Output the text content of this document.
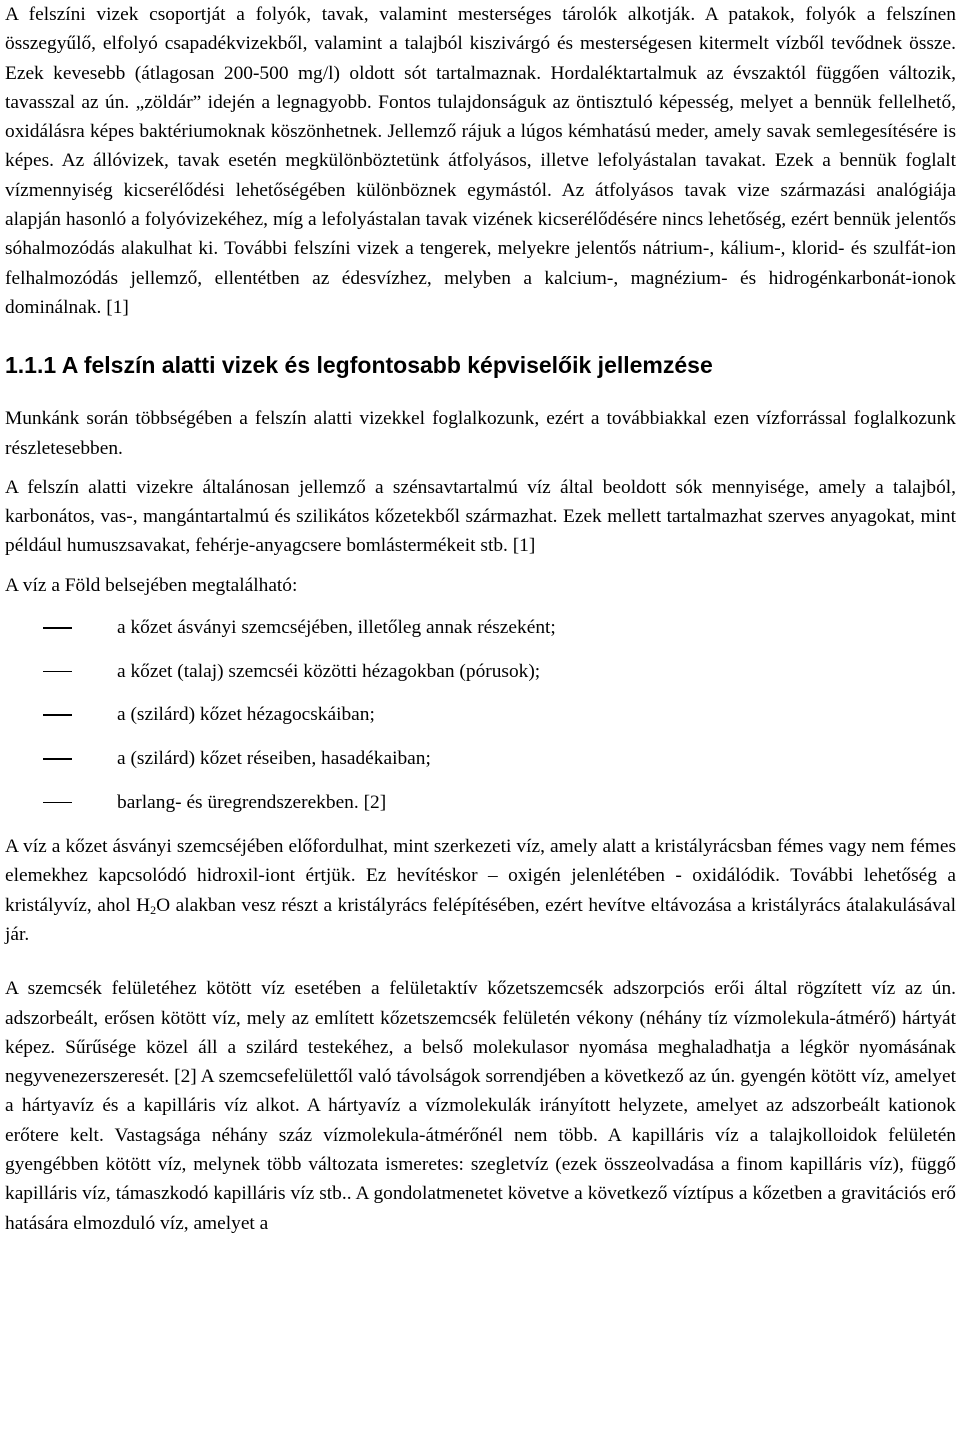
A felszíni vizek csoportját a folyók, tavak, valamint mesterséges tárolók alkotják. A patakok, folyók a felszínen összegyűlő, elfolyó csapadékvizekből, valamint a talajból kiszivárgó és mesterségesen kitermelt vízből tevődnek össze. Ezek kevesebb (átlagosan 200-500 mg/l) oldott sót tartalmaznak. Hordaléktartalmuk az évszaktól függően változik, tavasszal az ún. „zöldár” idején a legnagyobb. Fontos tulajdonságuk az öntisztuló képesség, melyet a bennük fellelhető, oxidálásra képes baktériumoknak köszönhetnek. Jellemző rájuk a lúgos kémhatású meder, amely savak semlegesítésére is képes. Az állóvizek, tavak esetén megkülönböztetünk átfolyásos, illetve lefolyástalan tavakat. Ezek a bennük foglalt vízmennyiség kicserélődési lehetőségében különböznek egymástól. Az átfolyásos tavak vize származási analógiája alapján hasonló a folyóvizekéhez, míg a lefolyástalan tavak vizének kicserélődésére nincs lehetőség, ezért bennük jelentős sóhalmozódás alakulhat ki. További felszíni vizek a tengerek, melyekre jelentős nátrium-, kálium-, klorid- és szulfát-ion felhalmozódás jellemző, ellentétben az édesvízhez, melyben a kalcium-, magnézium- és hidrogénkarbonát-ionok dominálnak. [1]

1.1.1 A felszín alatti vizek és legfontosabb képviselőik jellemzése

Munkánk során többségében a felszín alatti vizekkel foglalkozunk, ezért a továbbiakkal ezen vízforrással foglalkozunk részletesebben.

A felszín alatti vizekre általánosan jellemző a szénsavtartalmú víz által beoldott sók mennyisége, amely a talajból, karbonátos, vas-, mangántartalmú és szilikátos kőzetekből származhat. Ezek mellett tartalmazhat szerves anyagokat, mint például humuszsavakat, fehérje-anyagcsere bomlástermékeit stb. [1]

A víz a Föld belsejében megtalálható:

a kőzet ásványi szemcséjében, illetőleg annak részeként;
a kőzet (talaj) szemcséi közötti hézagokban (pórusok);
a (szilárd) kőzet hézagocskáiban;
a (szilárd) kőzet réseiben, hasadékaiban;
barlang- és üregrendszerekben. [2]

A víz a kőzet ásványi szemcséjében előfordulhat, mint szerkezeti víz, amely alatt a kristályrácsban fémes vagy nem fémes elemekhez kapcsolódó hidroxil-iont értjük. Ez hevítéskor – oxigén jelenlétében - oxidálódik. További lehetőség a kristályvíz, ahol $H_2O$ alakban vesz részt a kristályrács felépítésében, ezért hevítve eltávozása a kristályrács átalakulásával jár.

A szemcsék felületéhez kötött víz esetében a felületaktív kőzetszemcsék adszorpciós erői által rögzített víz az ún. adszorbeált, erősen kötött víz, mely az említett kőzetszemcsék felületén vékony (néhány tíz vízmolekula-átmérő) hártyát képez. Sűrűsége közel áll a szilárd testekéhez, a belső molekulasor nyomása meghaladhatja a légkör nyomásának negyvenezerszeresét. [2] A szemcsefelülettől való távolságok sorrendjében a következő az ún. gyengén kötött víz, amelyet a hártyavíz és a kapilláris víz alkot. A hártyavíz a vízmolekulák irányított helyzete, amelyet az adszorbeált kationok erőtere kelt. Vastagsága néhány száz vízmolekula-átmérőnél nem több. A kapilláris víz a talajkolloidok felületén gyengébben kötött víz, melynek több változata ismeretes: szegletvíz (ezek összeolvadása a finom kapilláris víz), függő kapilláris víz, támaszkodó kapilláris víz stb.. A gondolatmenetet követve a következő víztípus a kőzetben a gravitációs erő hatására elmozduló víz, amelyet a
